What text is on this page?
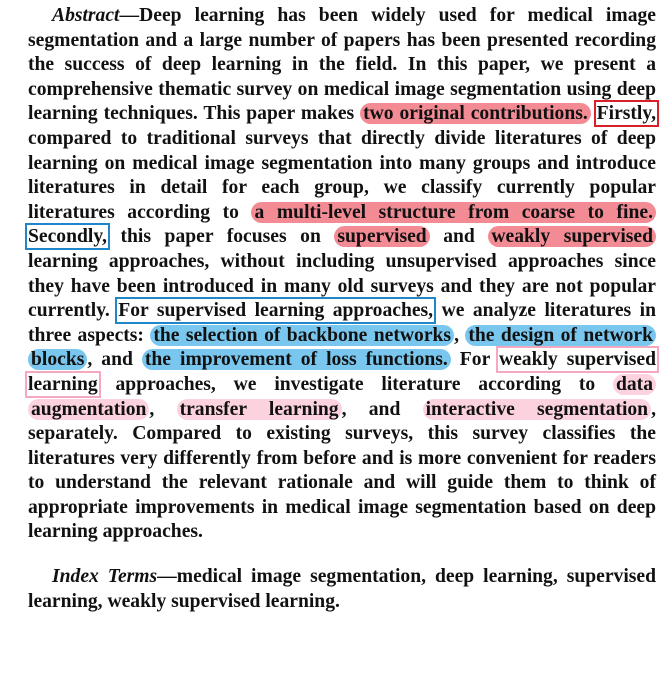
Abstract—Deep learning has been widely used for medical image segmentation and a large number of papers has been presented recording the success of deep learning in the field. In this paper, we present a comprehensive thematic survey on medical image segmentation using deep learning techniques. This paper makes two original contributions. Firstly, compared to traditional surveys that directly divide literatures of deep learning on medical image segmentation into many groups and introduce literatures in detail for each group, we classify currently popular literatures according to a multi-level structure from coarse to fine. Secondly, this paper focuses on supervised and weakly supervised learning approaches, without including unsupervised approaches since they have been introduced in many old surveys and they are not popular currently. For supervised learning approaches, we analyze literatures in three aspects: the selection of backbone networks , the design of network blocks , and the improvement of loss functions. For weakly supervised learning approaches, we investigate literature according to data augmentation , transfer learning , and interactive segmentation , separately. Compared to existing surveys, this survey classifies the literatures very differently from before and is more convenient for readers to understand the relevant rationale and will guide them to think of appropriate improvements in medical image segmentation based on deep learning approaches.

Index Terms—medical image segmentation, deep learning, supervised learning, weakly supervised learning.
